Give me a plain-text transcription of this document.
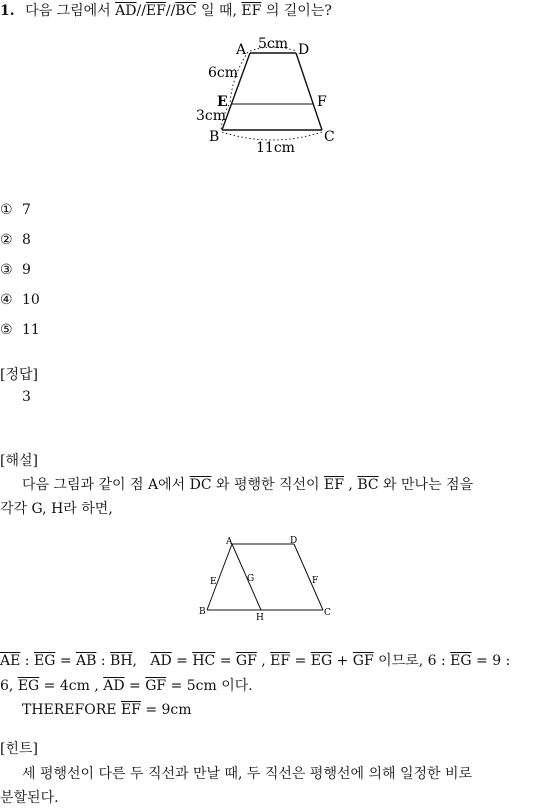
1. 다음 그림에서 $\overline{AD}//\overline{EF}//\overline{BC}$ 일 때, $\overline{EF}$ 의 길이는?
A	D
E	F
B	C
5cm
6cm
3cm
11cm
① 7
② 8
③ 9
④ 10
⑤ 11
[정답]
3
[해설]
다음 그림과 같이 점 A에서 $\overline{DC}$ 와 평행한 직선이 $\overline{EF}$ , $\overline{BC}$ 와 만나는 점을
각각 G, H라 하면,
A	D
E	G	F
B
H	C
$\overline{AE}$ : $\overline{EG} = \overline{AB}$ : $\overline{BH}$, $\overline{AD} = \overline{HC} = \overline{GF}$ , $\overline{EF} = \overline{EG} + \overline{GF}$ 이므로, 6 : $\overline{EG} = 9$ :
6, $\overline{EG} = 4cm$ , $\overline{AD} = \overline{GF} = 5cm$ 이다.
THEREFORE $\overline{EF} = 9cm$
[힌트]
세 평행선이 다른 두 직선과 만날 때, 두 직선은 평행선에 의해 일정한 비로
분할된다.
